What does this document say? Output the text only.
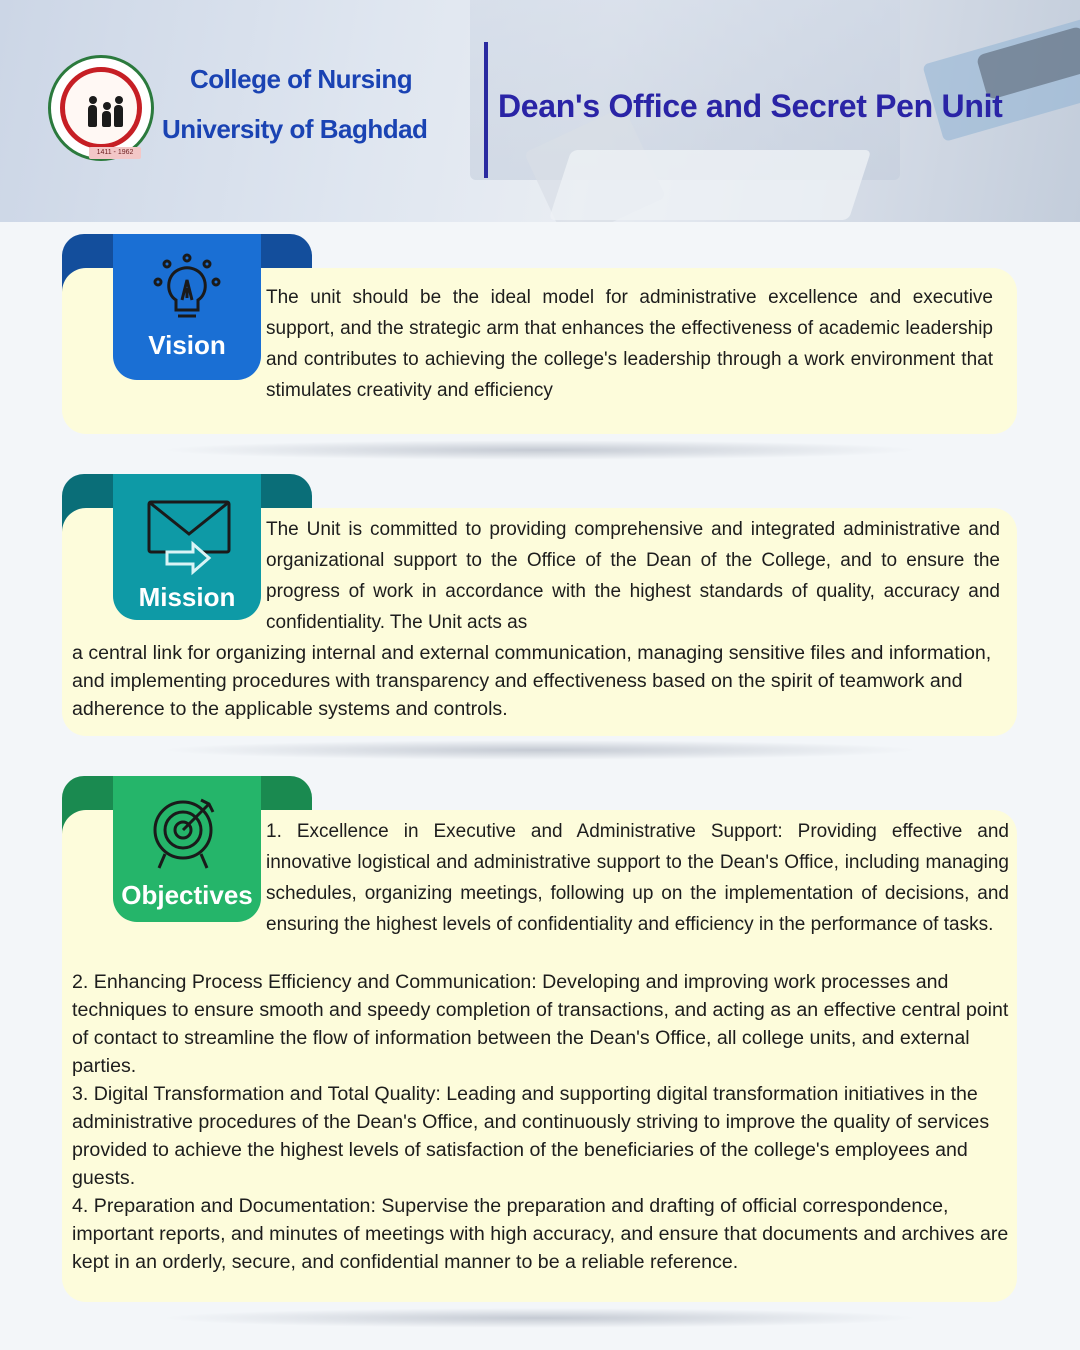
1411 - 1962
College of Nursing
University of Baghdad
Dean's Office and Secret Pen Unit
Vision
The unit should be the ideal model for administrative excellence and executive support, and the strategic arm that enhances the effectiveness of academic leadership and contributes to achieving the college's leadership through a work environment that stimulates creativity and efficiency
Mission
The Unit is committed to providing comprehensive and integrated administrative and organizational support to the Office of the Dean of the College, and to ensure the progress of work in accordance with the highest standards of quality, accuracy and confidentiality. The Unit acts as
a central link for organizing internal and external communication, managing sensitive files and information, and implementing procedures with transparency and effectiveness based on the spirit of teamwork and adherence to the applicable systems and controls.
Objectives
1. Excellence in Executive and Administrative Support: Providing effective and innovative logistical and administrative support to the Dean's Office, including managing schedules, organizing meetings, following up on the implementation of decisions, and ensuring the highest levels of confidentiality and efficiency in the performance of tasks.
2. Enhancing Process Efficiency and Communication: Developing and improving work processes and techniques to ensure smooth and speedy completion of transactions, and acting as an effective central point of contact to streamline the flow of information between the Dean's Office, all college units, and external parties.
3. Digital Transformation and Total Quality: Leading and supporting digital transformation initiatives in the administrative procedures of the Dean's Office, and continuously striving to improve the quality of services provided to achieve the highest levels of satisfaction of the beneficiaries of the college's employees and guests.
4. Preparation and Documentation: Supervise the preparation and drafting of official correspondence, important reports, and minutes of meetings with high accuracy, and ensure that documents and archives are kept in an orderly, secure, and confidential manner to be a reliable reference.
